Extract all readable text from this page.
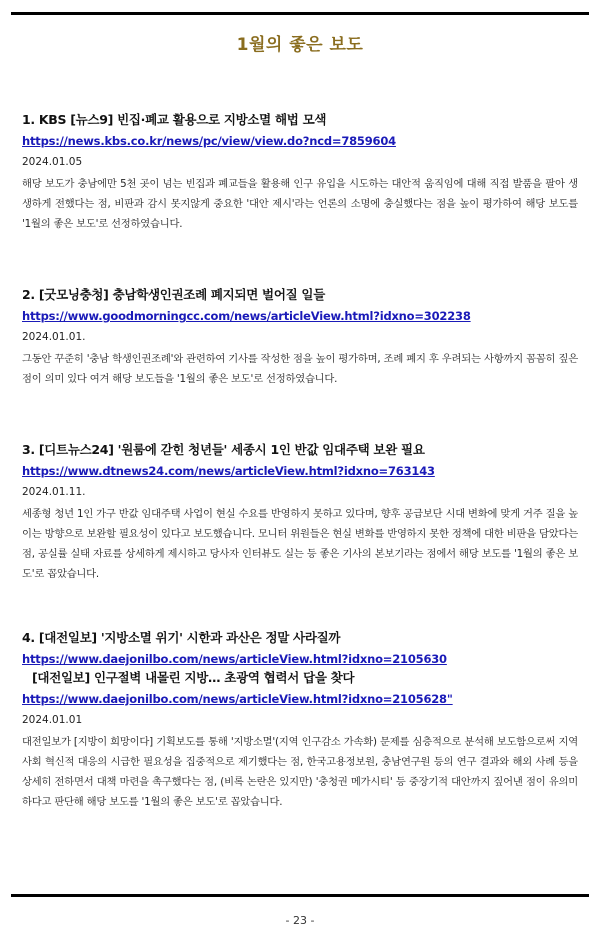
1월의 좋은 보도
1. KBS [뉴스9] 빈집·폐교 활용으로 지방소멸 해법 모색
https://news.kbs.co.kr/news/pc/view/view.do?ncd=7859604
2024.01.05
해당 보도가 충남에만 5천 곳이 넘는 빈집과 폐교들을 활용해 인구 유입을 시도하는 대안적 움직임에 대해 직접 발품을 팔아 생생하게 전했다는 점, 비판과 감시 못지않게 중요한 '대안 제시'라는 언론의 소명에 충실했다는 점을 높이 평가하여 해당 보도를 '1월의 좋은 보도'로 선정하였습니다.
2. [굿모닝충청] 충남학생인권조례 폐지되면 벌어질 일들
https://www.goodmorningcc.com/news/articleView.html?idxno=302238
2024.01.01.
그동안 꾸준히 '충남 학생인권조례'와 관련하여 기사를 작성한 점을 높이 평가하며, 조례 폐지 후 우려되는 사항까지 꼼꼼히 짚은 점이 의미 있다 여겨 해당 보도들을 '1월의 좋은 보도'로 선정하였습니다.
3. [디트뉴스24] '원룸에 갇힌 청년들' 세종시 1인 반값 임대주택 보완 필요
https://www.dtnews24.com/news/articleView.html?idxno=763143
2024.01.11.
세종형 청년 1인 가구 반값 임대주택 사업이 현실 수요를 반영하지 못하고 있다며, 향후 공급보단 시대 변화에 맞게 거주 질을 높이는 방향으로 보완할 필요성이 있다고 보도했습니다. 모니터 위원들은 현실 변화를 반영하지 못한 정책에 대한 비판을 담았다는 점, 공실률 실태 자료를 상세하게 제시하고 당사자 인터뷰도 실는 등 좋은 기사의 본보기라는 점에서 해당 보도를 '1월의 좋은 보도'로 꼽았습니다.
4. [대전일보] '지방소멸 위기' 시한과 과산은 정말 사라질까
https://www.daejonilbo.com/news/articleView.html?idxno=2105630
[대전일보] 인구절벽 내몰린 지방… 초광역 협력서 답을 찾다
https://www.daejonilbo.com/news/articleView.html?idxno=2105628"
2024.01.01
대전일보가 [지방이 희망이다] 기획보도를 통해 '지방소멸'(지역 인구감소 가속화) 문제를 심층적으로 분석해 보도함으로써 지역사회 혁신적 대응의 시급한 필요성을 집중적으로 제기했다는 점, 한국고용정보원, 충남연구원 등의 연구 결과와 해외 사례 등을 상세히 전하면서 대책 마련을 촉구했다는 점, (비록 논란은 있지만) '충청권 메가시티' 등 중장기적 대안까지 짚어낸 점이 유의미하다고 판단해 해당 보도를 '1월의 좋은 보도'로 꼽았습니다.
- 23 -
